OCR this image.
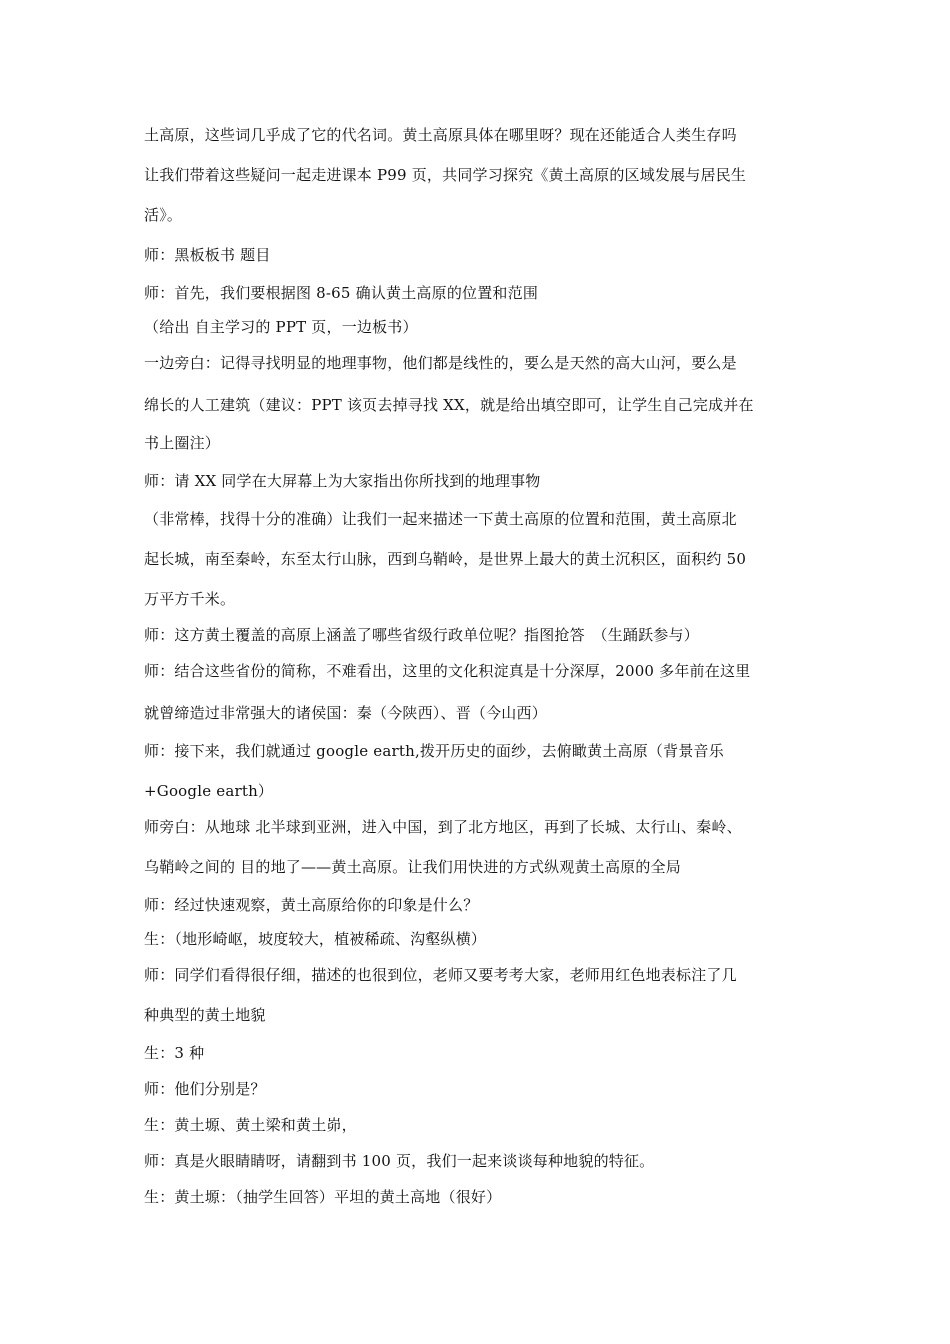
土高原，这些词几乎成了它的代名词。黄土高原具体在哪里呀？现在还能适合人类生存吗
让我们带着这些疑问一起走进课本 P99 页，共同学习探究《黄土高原的区域发展与居民生
活》。
师：黑板板书 题目
师：首先，我们要根据图 8-65 确认黄土高原的位置和范围
（给出 自主学习的 PPT 页，一边板书）
一边旁白：记得寻找明显的地理事物，他们都是线性的，要么是天然的高大山河，要么是
绵长的人工建筑（建议：PPT 该页去掉寻找 XX，就是给出填空即可，让学生自己完成并在
书上圈注）
师：请 XX 同学在大屏幕上为大家指出你所找到的地理事物
（非常棒，找得十分的准确）让我们一起来描述一下黄土高原的位置和范围，黄土高原北
起长城，南至秦岭，东至太行山脉，西到乌鞘岭，是世界上最大的黄土沉积区，面积约 50
万平方千米。
师：这方黄土覆盖的高原上涵盖了哪些省级行政单位呢？指图抢答　（生踊跃参与）
师：结合这些省份的简称，不难看出，这里的文化积淀真是十分深厚，2000 多年前在这里
就曾缔造过非常强大的诸侯国：秦（今陕西）、晋（今山西）
师：接下来，我们就通过 google earth,拨开历史的面纱，去俯瞰黄土高原（背景音乐
+Google earth）
师旁白：从地球 北半球到亚洲，进入中国，到了北方地区，再到了长城、太行山、秦岭、
乌鞘岭之间的 目的地了——黄土高原。让我们用快进的方式纵观黄土高原的全局
师：经过快速观察，黄土高原给你的印象是什么？
生：（地形崎岖，坡度较大，植被稀疏、沟壑纵横）
师：同学们看得很仔细，描述的也很到位，老师又要考考大家，老师用红色地表标注了几
种典型的黄土地貌
生：3 种
师：他们分别是？
生：黄土塬、黄土梁和黄土峁，
师：真是火眼睛睛呀，请翻到书 100 页，我们一起来谈谈每种地貌的特征。
生：黄土塬：（抽学生回答）平坦的黄土高地（很好）
